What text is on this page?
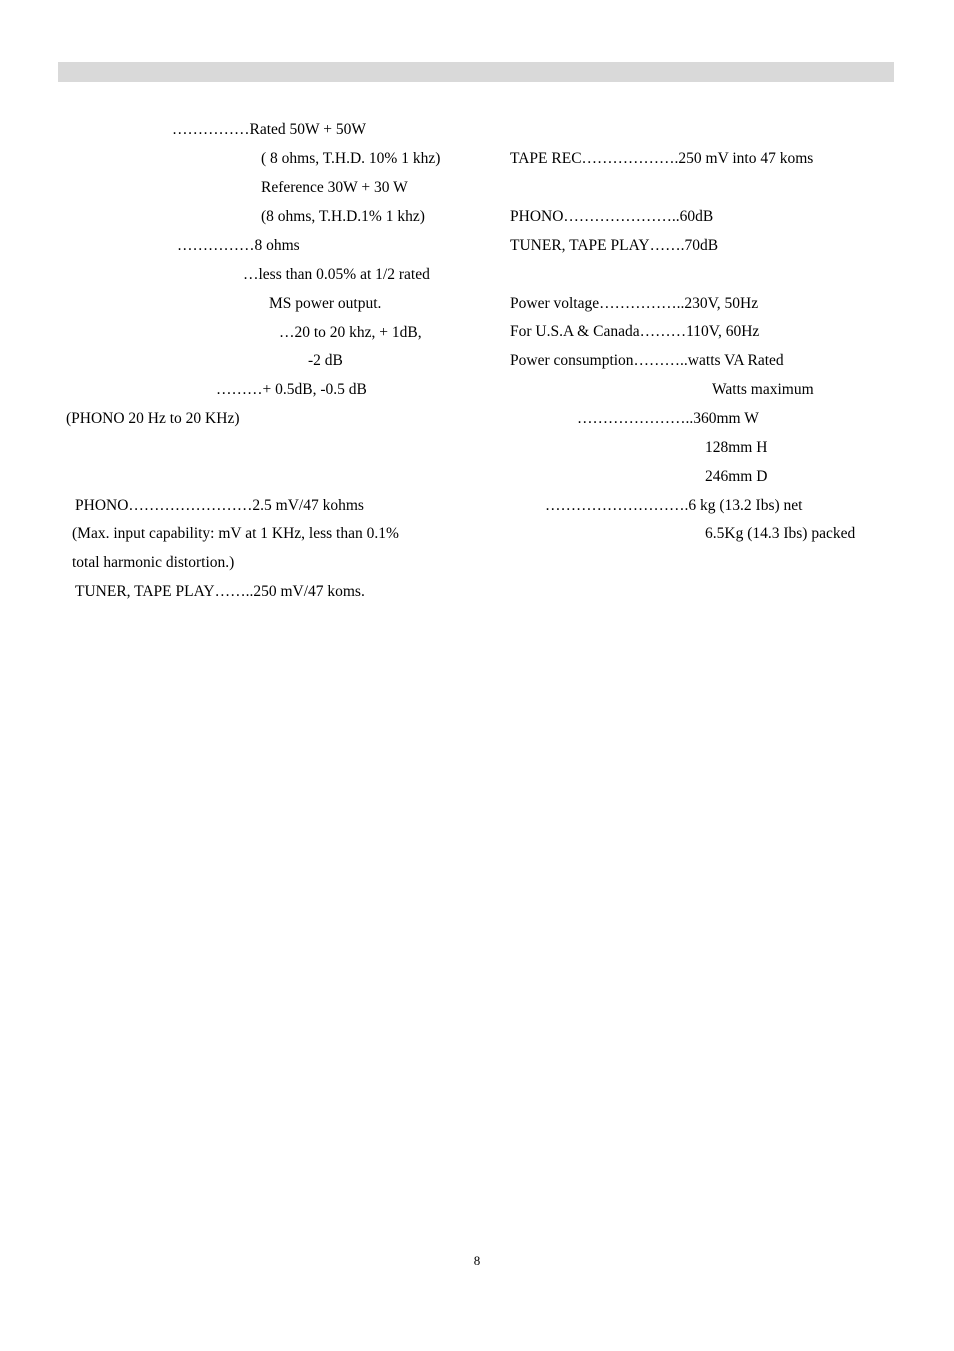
……………Rated 50W + 50W
( 8 ohms, T.H.D. 10% 1 khz)
Reference 30W + 30 W
(8 ohms, T.H.D.1% 1 khz)
……………8 ohms
…less than 0.05% at 1/2 rated
MS power output.
…20 to 20 khz, + 1dB,
-2 dB
………+ 0.5dB, -0.5 dB
(PHONO 20 Hz to 20 KHz)
PHONO……………………2.5 mV/47 kohms
(Max. input capability: mV at 1 KHz, less than 0.1%
total harmonic distortion.)
TUNER, TAPE PLAY……..250 mV/47 koms.
TAPE REC……………….250 mV into 47 koms
PHONO…………………..60dB
TUNER, TAPE PLAY…….70dB
Power voltage……………..230V, 50Hz
For U.S.A & Canada………110V, 60Hz
Power consumption………..watts VA Rated
Watts maximum
…………………..360mm W
128mm H
246mm D
……………………….6 kg (13.2 Ibs) net
6.5Kg (14.3 Ibs) packed
8
